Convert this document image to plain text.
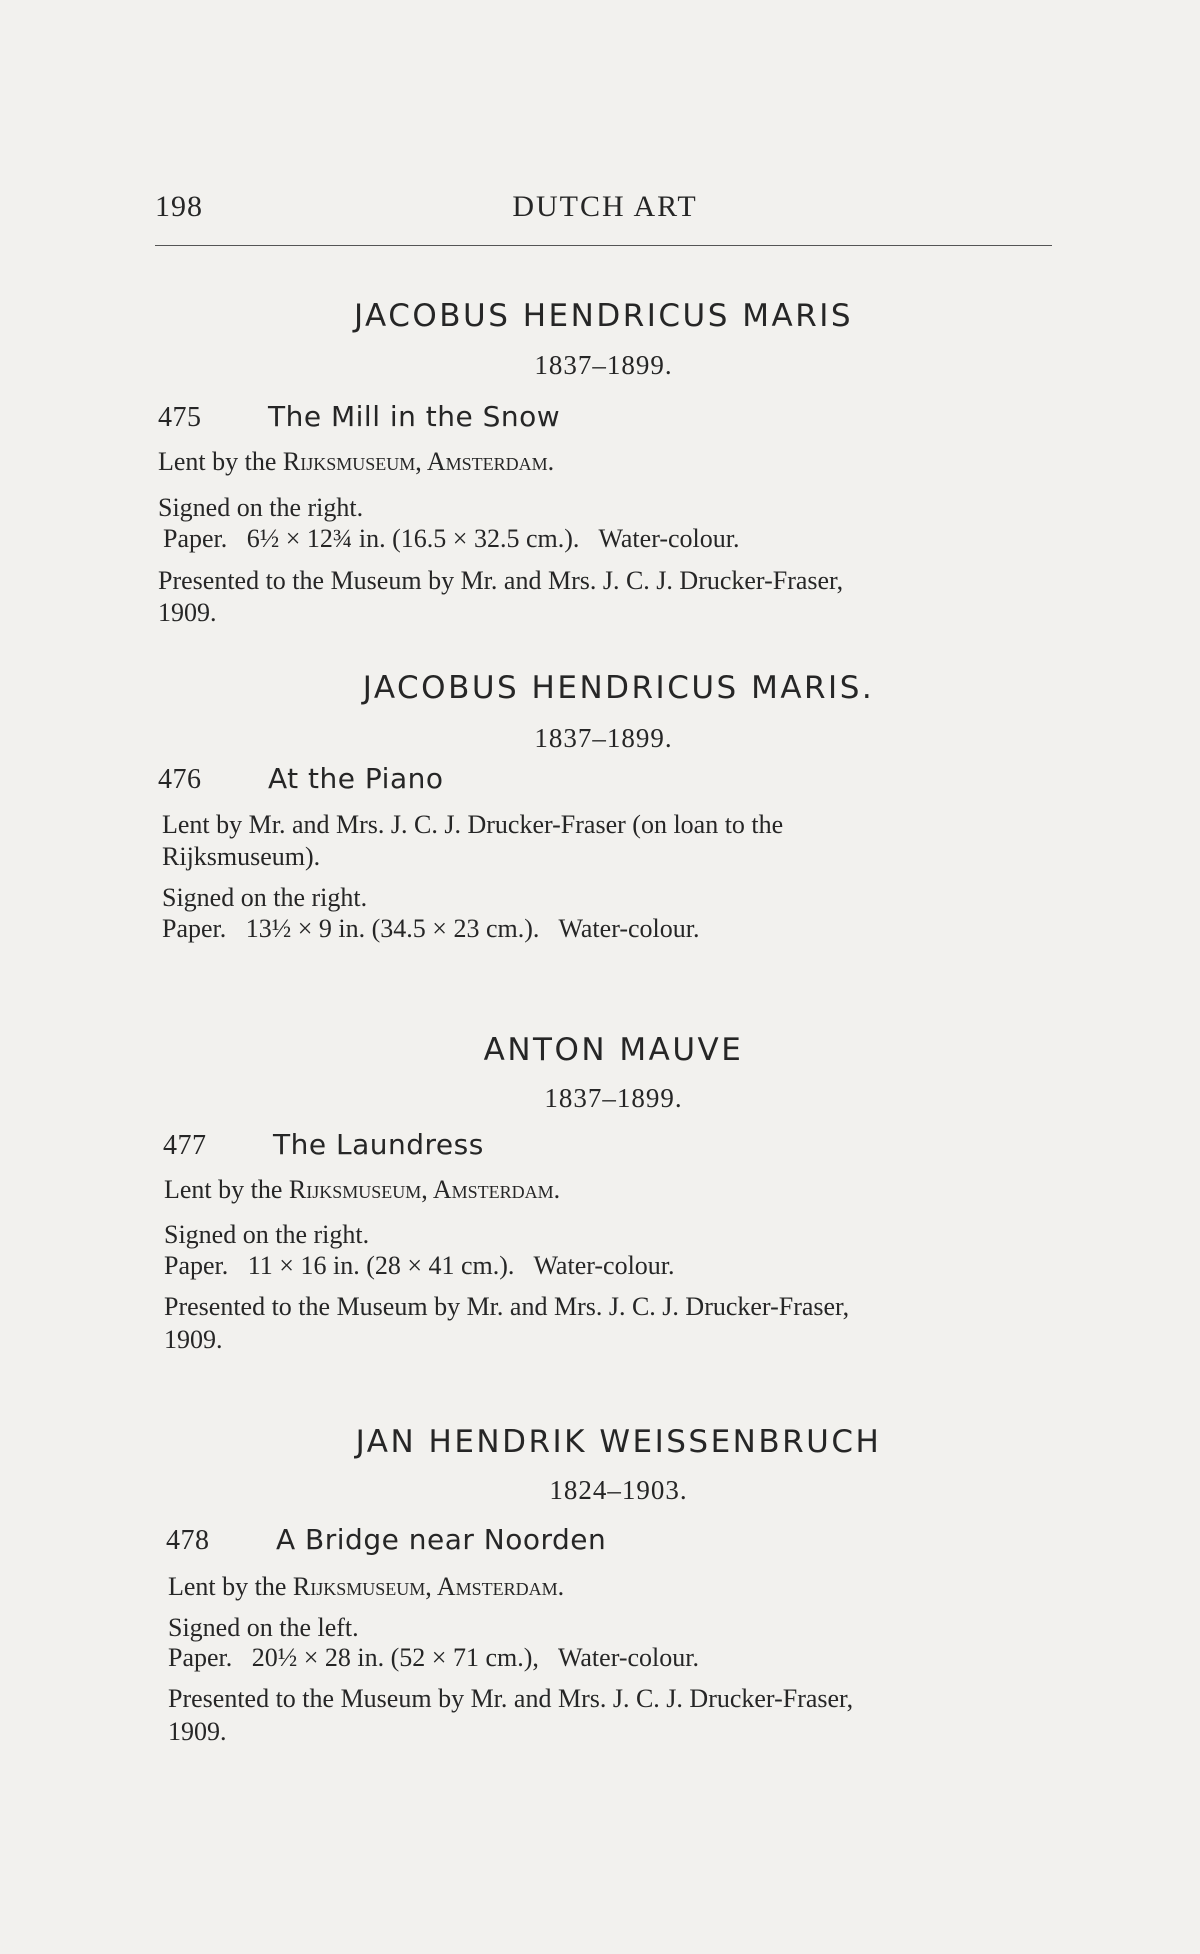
198	DUTCH ART
JACOBUS HENDRICUS MARIS
1837–1899.
475 The Mill in the Snow
Lent by the Rijksmuseum, Amsterdam.
Signed on the right.
Paper. 6½ × 12¾ in. (16.5 × 32.5 cm.). Water-colour.
Presented to the Museum by Mr. and Mrs. J. C. J. Drucker-Fraser,
1909.
JACOBUS HENDRICUS MARIS.
1837–1899.
476 At the Piano
Lent by Mr. and Mrs. J. C. J. Drucker-Fraser (on loan to the
Rijksmuseum).
Signed on the right.
Paper. 13½ × 9 in. (34.5 × 23 cm.). Water-colour.
ANTON MAUVE
1837–1899.
477 The Laundress
Lent by the Rijksmuseum, Amsterdam.
Signed on the right.
Paper. 11 × 16 in. (28 × 41 cm.). Water-colour.
Presented to the Museum by Mr. and Mrs. J. C. J. Drucker-Fraser,
1909.
JAN HENDRIK WEISSENBRUCH
1824–1903.
478 A Bridge near Noorden
Lent by the Rijksmuseum, Amsterdam.
Signed on the left.
Paper. 20½ × 28 in. (52 × 71 cm.), Water-colour.
Presented to the Museum by Mr. and Mrs. J. C. J. Drucker-Fraser,
1909.
